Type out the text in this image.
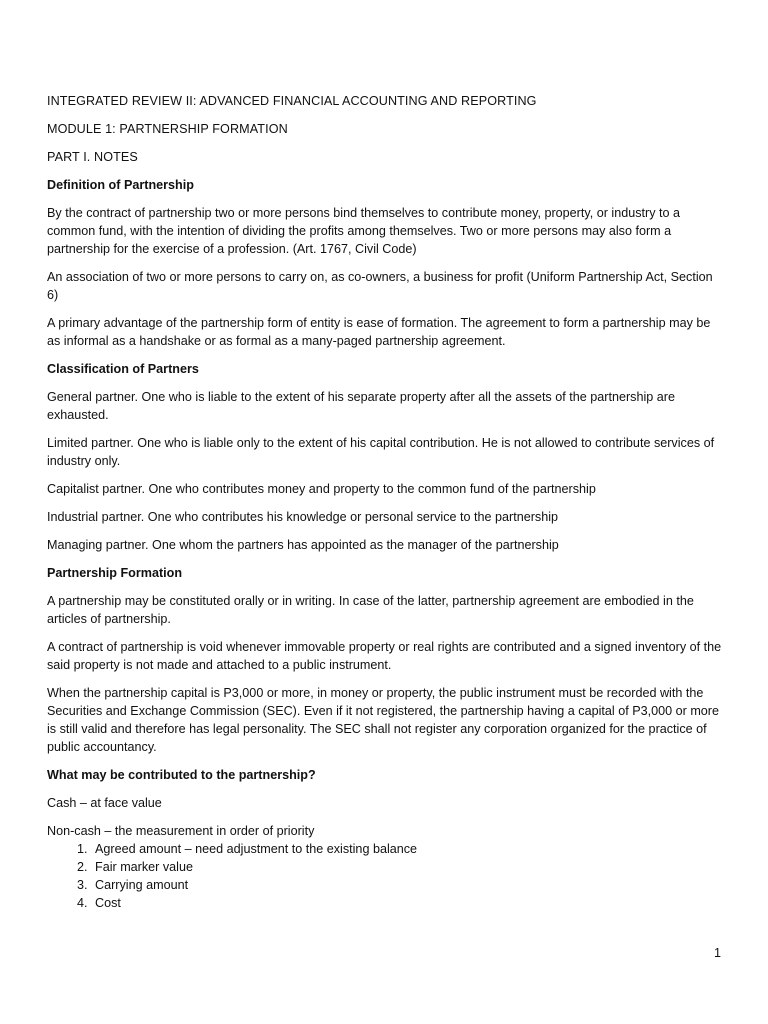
INTEGRATED REVIEW II: ADVANCED FINANCIAL ACCOUNTING AND REPORTING

MODULE 1: PARTNERSHIP FORMATION

PART I. NOTES

Definition of Partnership

By the contract of partnership two or more persons bind themselves to contribute money, property, or industry to a common fund, with the intention of dividing the profits among themselves. Two or more persons may also form a partnership for the exercise of a profession. (Art. 1767, Civil Code)

An association of two or more persons to carry on, as co-owners, a business for profit (Uniform Partnership Act, Section 6)

A primary advantage of the partnership form of entity is ease of formation. The agreement to form a partnership may be as informal as a handshake or as formal as a many-paged partnership agreement.

Classification of Partners

General partner. One who is liable to the extent of his separate property after all the assets of the partnership are exhausted.

Limited partner. One who is liable only to the extent of his capital contribution. He is not allowed to contribute services of industry only.

Capitalist partner. One who contributes money and property to the common fund of the partnership

Industrial partner. One who contributes his knowledge or personal service to the partnership

Managing partner. One whom the partners has appointed as the manager of the partnership

Partnership Formation

A partnership may be constituted orally or in writing. In case of the latter, partnership agreement are embodied in the articles of partnership.

A contract of partnership is void whenever immovable property or real rights are contributed and a signed inventory of the said property is not made and attached to a public instrument.

When the partnership capital is P3,000 or more, in money or property, the public instrument must be recorded with the Securities and Exchange Commission (SEC). Even if it not registered, the partnership having a capital of P3,000 or more is still valid and therefore has legal personality. The SEC shall not register any corporation organized for the practice of public accountancy.

What may be contributed to the partnership?

Cash – at face value

Non-cash – the measurement in order of priority

1. Agreed amount – need adjustment to the existing balance
2. Fair marker value
3. Carrying amount
4. Cost
1
